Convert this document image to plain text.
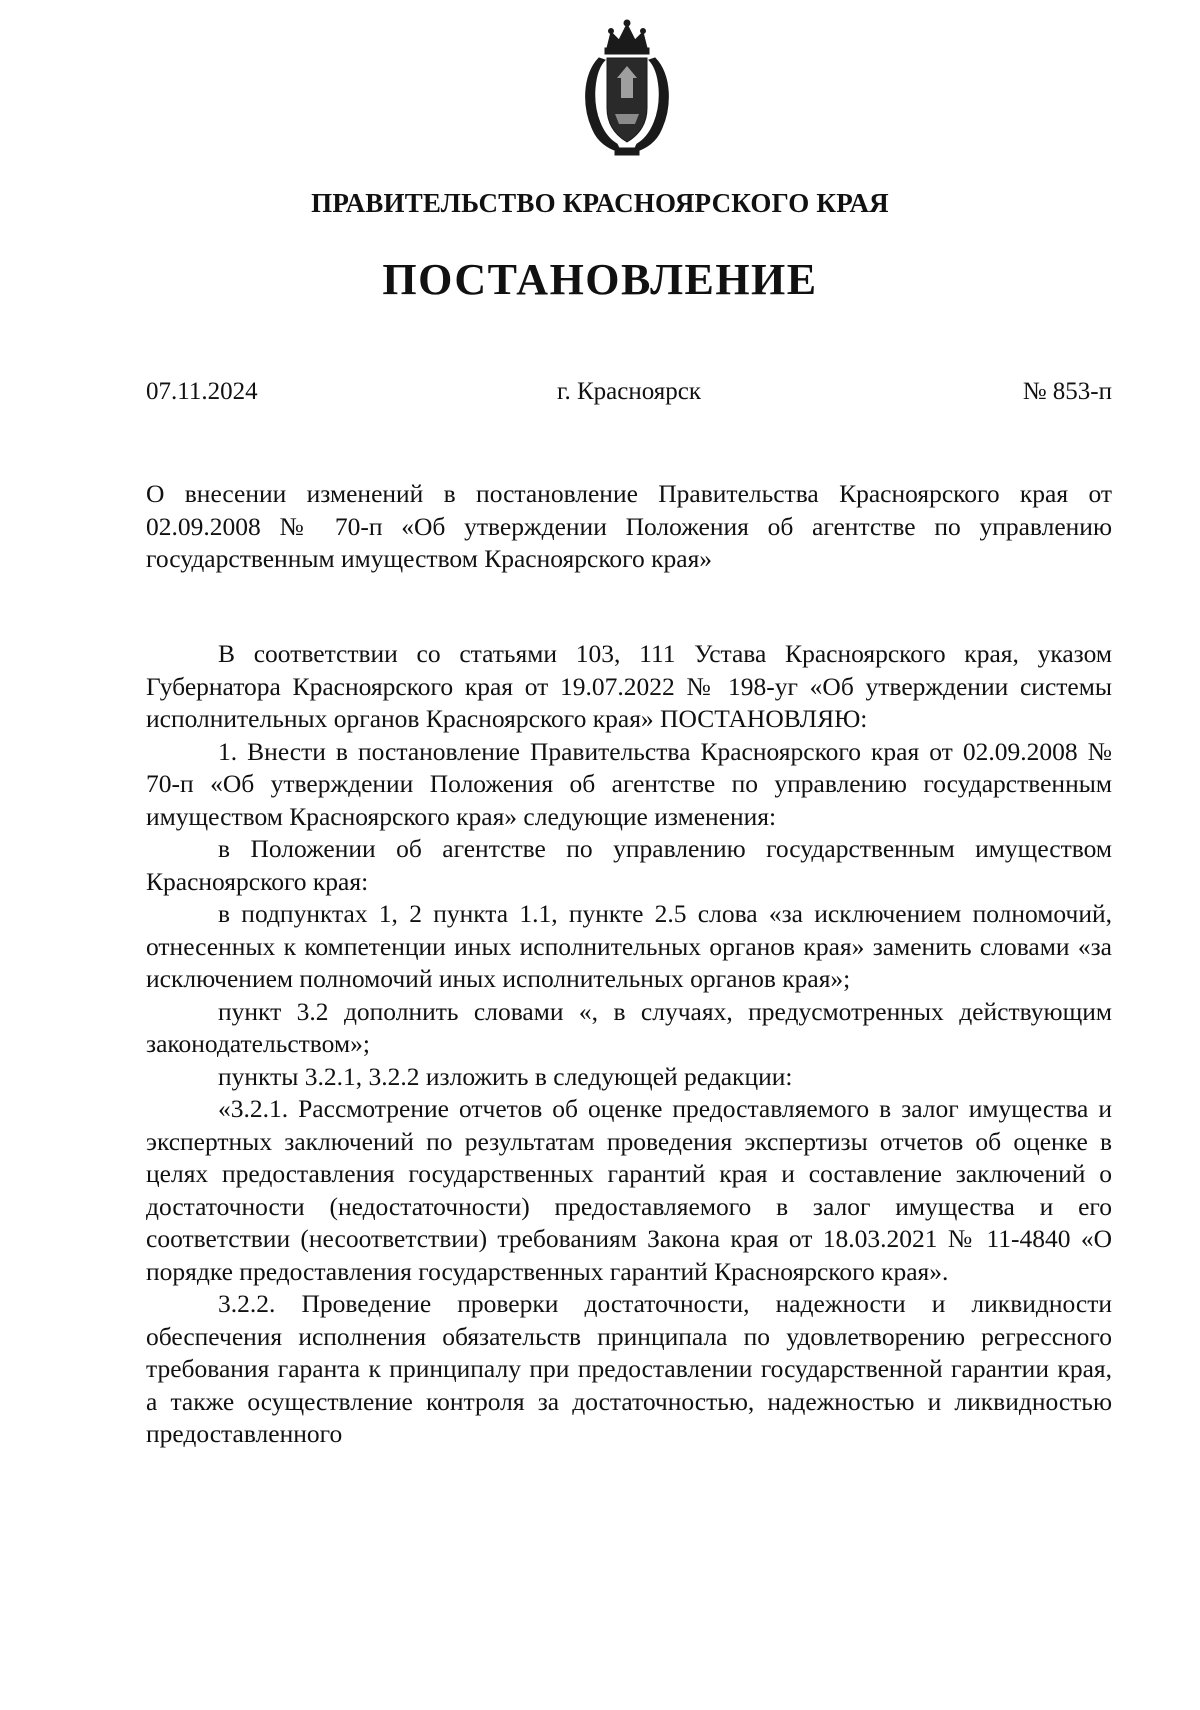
ПРАВИТЕЛЬСТВО КРАСНОЯРСКОГО КРАЯ
ПОСТАНОВЛЕНИЕ
07.11.2024	г. Красноярск	№ 853-п

О внесении изменений в постановление Правительства Красноярского края от 02.09.2008 № 70-п «Об утверждении Положения об агентстве по управлению государственным имуществом Красноярского края»

В соответствии со статьями 103, 111 Устава Красноярского края, указом Губернатора Красноярского края от 19.07.2022 № 198-уг «Об утверждении системы исполнительных органов Красноярского края» ПОСТАНОВЛЯЮ:

1. Внести в постановление Правительства Красноярского края от 02.09.2008 № 70-п «Об утверждении Положения об агентстве по управлению государственным имуществом Красноярского края» следующие изменения:

в Положении об агентстве по управлению государственным имуществом Красноярского края:

в подпунктах 1, 2 пункта 1.1, пункте 2.5 слова «за исключением полномочий, отнесенных к компетенции иных исполнительных органов края» заменить словами «за исключением полномочий иных исполнительных органов края»;

пункт 3.2 дополнить словами «, в случаях, предусмотренных действующим законодательством»;

пункты 3.2.1, 3.2.2 изложить в следующей редакции:

«3.2.1. Рассмотрение отчетов об оценке предоставляемого в залог имущества и экспертных заключений по результатам проведения экспертизы отчетов об оценке в целях предоставления государственных гарантий края и составление заключений о достаточности (недостаточности) предоставляемого в залог имущества и его соответствии (несоответствии) требованиям Закона края от 18.03.2021 № 11-4840 «О порядке предоставления государственных гарантий Красноярского края».

3.2.2. Проведение проверки достаточности, надежности и ликвидности обеспечения исполнения обязательств принципала по удовлетворению регрессного требования гаранта к принципалу при предоставлении государственной гарантии края, а также осуществление контроля за достаточностью, надежностью и ликвидностью предоставленного
